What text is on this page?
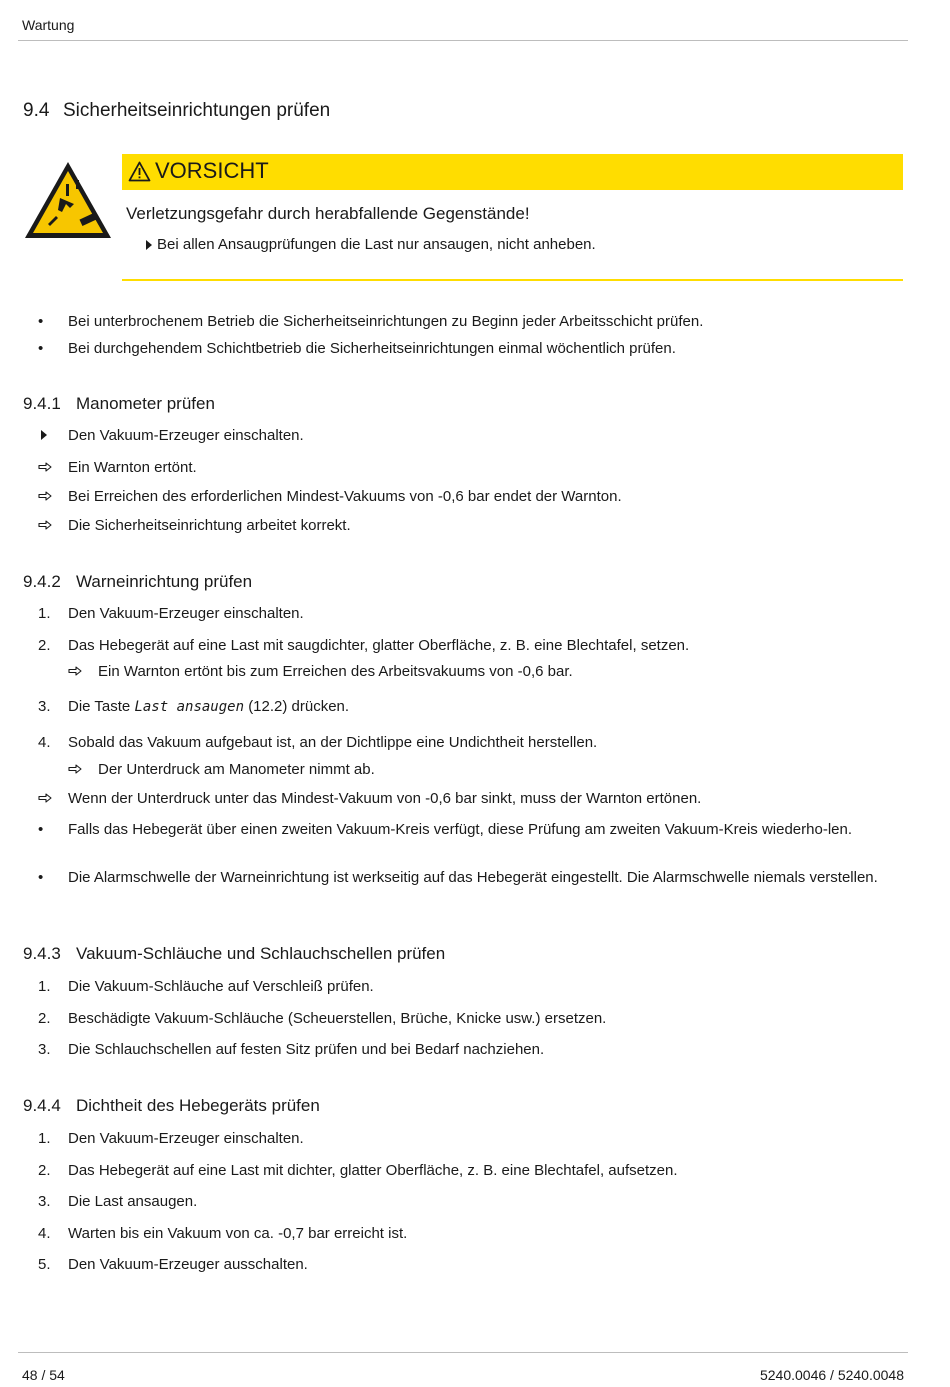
Wartung
9.4 Sicherheitseinrichtungen prüfen
VORSICHT
Verletzungsgefahr durch herabfallende Gegenstände!
Bei allen Ansaugprüfungen die Last nur ansaugen, nicht anheben.
•	Bei unterbrochenem Betrieb die Sicherheitseinrichtungen zu Beginn jeder Arbeitsschicht prüfen.
•	Bei durchgehendem Schichtbetrieb die Sicherheitseinrichtungen einmal wöchentlich prüfen.
9.4.1 Manometer prüfen
Den Vakuum-Erzeuger einschalten.
Ein Warnton ertönt.
Bei Erreichen des erforderlichen Mindest-Vakuums von -0,6 bar endet der Warnton.
Die Sicherheitseinrichtung arbeitet korrekt.
9.4.2 Warneinrichtung prüfen
1.	Den Vakuum-Erzeuger einschalten.
2.	Das Hebegerät auf eine Last mit saugdichter, glatter Oberfläche, z. B. eine Blechtafel, setzen.
Ein Warnton ertönt bis zum Erreichen des Arbeitsvakuums von -0,6 bar.
3.	Die Taste Last ansaugen (12.2) drücken.
4.	Sobald das Vakuum aufgebaut ist, an der Dichtlippe eine Undichtheit herstellen.
Der Unterdruck am Manometer nimmt ab.
Wenn der Unterdruck unter das Mindest-Vakuum von -0,6 bar sinkt, muss der Warnton ertönen.
•	Falls das Hebegerät über einen zweiten Vakuum-Kreis verfügt, diese Prüfung am zweiten Vakuum-Kreis wiederho-len.
•	Die Alarmschwelle der Warneinrichtung ist werkseitig auf das Hebegerät eingestellt. Die Alarmschwelle niemals verstellen.
9.4.3 Vakuum-Schläuche und Schlauchschellen prüfen
1.	Die Vakuum-Schläuche auf Verschleiß prüfen.
2.	Beschädigte Vakuum-Schläuche (Scheuerstellen, Brüche, Knicke usw.) ersetzen.
3.	Die Schlauchschellen auf festen Sitz prüfen und bei Bedarf nachziehen.
9.4.4 Dichtheit des Hebegeräts prüfen
1.	Den Vakuum-Erzeuger einschalten.
2.	Das Hebegerät auf eine Last mit dichter, glatter Oberfläche, z. B. eine Blechtafel, aufsetzen.
3.	Die Last ansaugen.
4.	Warten bis ein Vakuum von ca. -0,7 bar erreicht ist.
5.	Den Vakuum-Erzeuger ausschalten.
48 / 54	5240.0046 / 5240.0048
